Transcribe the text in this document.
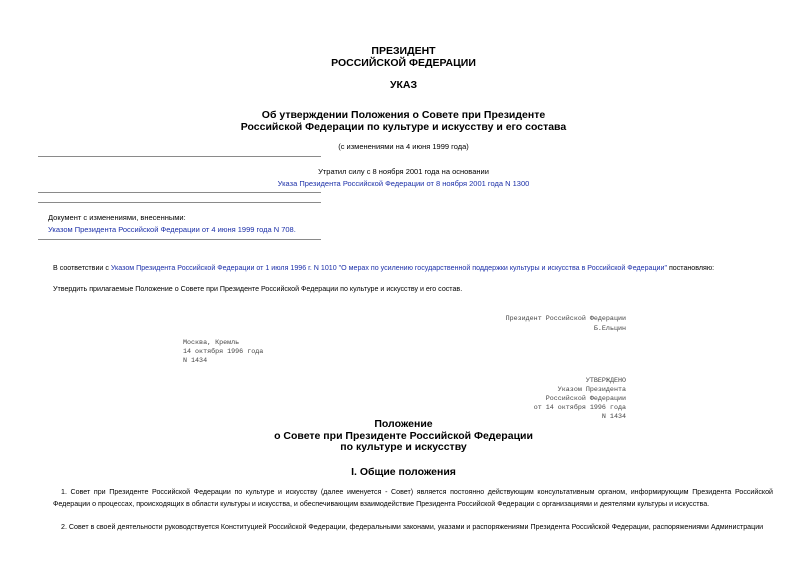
ПРЕЗИДЕНТ
РОССИЙСКОЙ ФЕДЕРАЦИИ
УКАЗ
Об утверждении Положения о Совете при Президенте
Российской Федерации по культуре и искусству и его состава
(с изменениями на 4 июня 1999 года)
Утратил силу с 8 ноября 2001 года на основании
Указа Президента Российской Федерации от 8 ноября 2001 года N 1300
Документ с изменениями, внесенными:
Указом Президента Российской Федерации от 4 июня 1999 года N 708.
В соответствии с Указом Президента Российской Федерации от 1 июля 1996 г. N 1010 "О мерах по усилению государственной поддержки культуры и искусства в Российской Федерации" постановляю:
Утвердить прилагаемые Положение о Совете при Президенте Российской Федерации по культуре и искусству и его состав.
Президент Российской Федерации
Б.Ельцин
Москва, Кремль
14 октября 1996 года
N 1434
УТВЕРЖДЕНО
Указом Президента
Российской Федерации
от 14 октября 1996 года
N 1434
Положение
о Совете при Президенте Российской Федерации
по культуре и искусству
I. Общие положения
1. Совет при Президенте Российской Федерации по культуре и искусству (далее именуется - Совет) является постоянно действующим консультативным органом, информирующим Президента Российской Федерации о процессах, происходящих в области культуры и искусства, и обеспечивающим взаимодействие Президента Российской Федерации с организациями и деятелями культуры и искусства.
2. Совет в своей деятельности руководствуется Конституцией Российской Федерации, федеральными законами, указами и распоряжениями Президента Российской Федерации, распоряжениями Администрации
